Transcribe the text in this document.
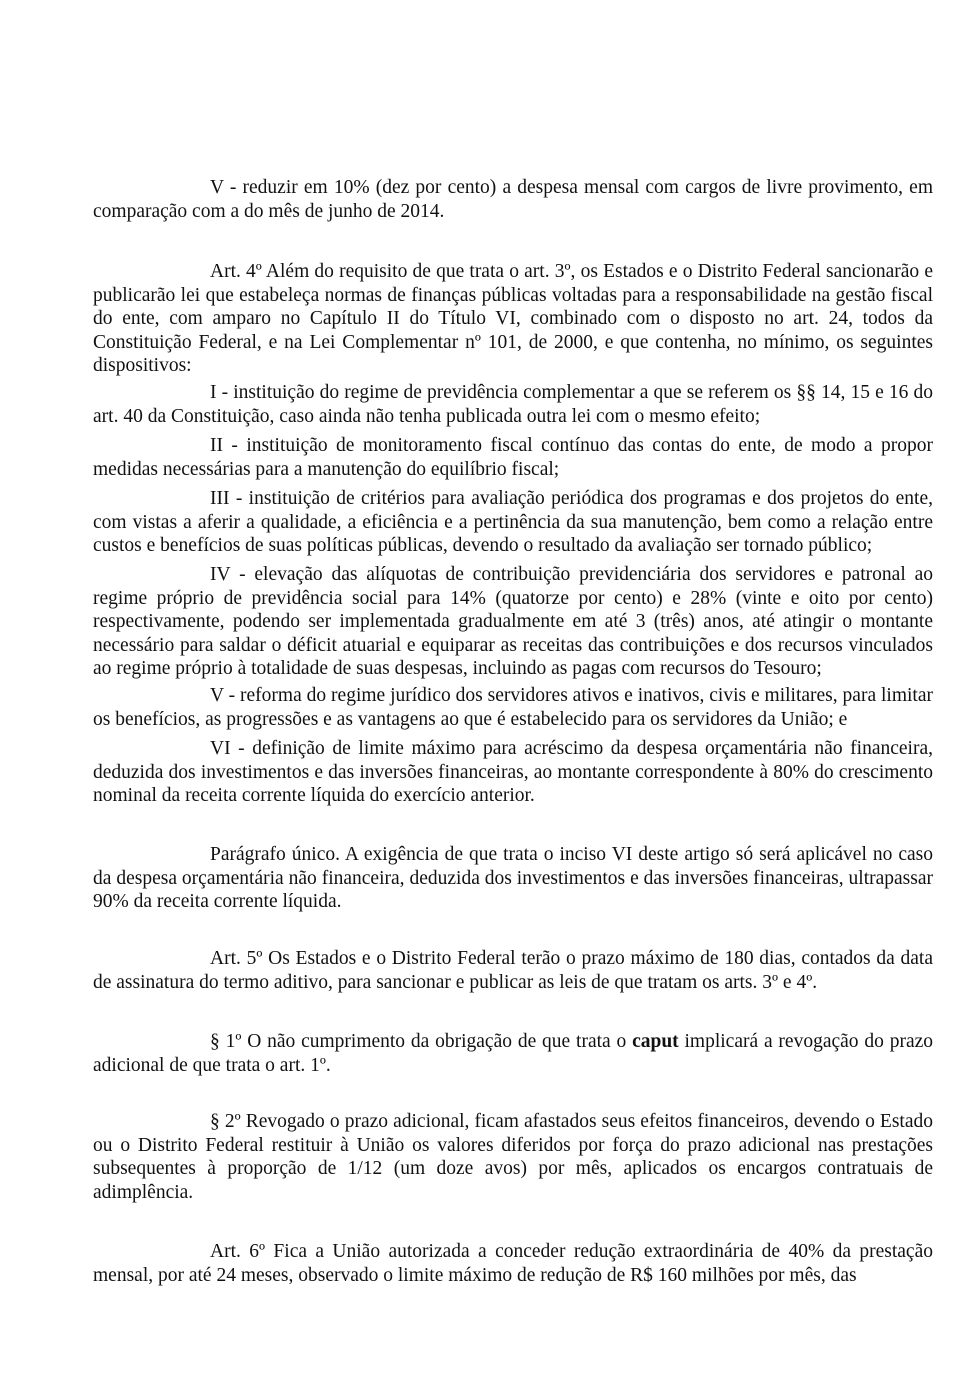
V - reduzir em 10% (dez por cento) a despesa mensal com cargos de livre provimento, em comparação com a do mês de junho de 2014.

Art. 4º Além do requisito de que trata o art. 3º, os Estados e o Distrito Federal sancionarão e publicarão lei que estabeleça normas de finanças públicas voltadas para a responsabilidade na gestão fiscal do ente, com amparo no Capítulo II do Título VI, combinado com o disposto no art. 24, todos da Constituição Federal, e na Lei Complementar nº 101, de 2000, e que contenha, no mínimo, os seguintes dispositivos:

I - instituição do regime de previdência complementar a que se referem os §§ 14, 15 e 16 do art. 40 da Constituição, caso ainda não tenha publicada outra lei com o mesmo efeito;

II - instituição de monitoramento fiscal contínuo das contas do ente, de modo a propor medidas necessárias para a manutenção do equilíbrio fiscal;

III - instituição de critérios para avaliação periódica dos programas e dos projetos do ente, com vistas a aferir a qualidade, a eficiência e a pertinência da sua manutenção, bem como a relação entre custos e benefícios de suas políticas públicas, devendo o resultado da avaliação ser tornado público;

IV - elevação das alíquotas de contribuição previdenciária dos servidores e patronal ao regime próprio de previdência social para 14% (quatorze por cento) e 28% (vinte e oito por cento) respectivamente, podendo ser implementada gradualmente em até 3 (três) anos, até atingir o montante necessário para saldar o déficit atuarial e equiparar as receitas das contribuições e dos recursos vinculados ao regime próprio à totalidade de suas despesas, incluindo as pagas com recursos do Tesouro;

V - reforma do regime jurídico dos servidores ativos e inativos, civis e militares, para limitar os benefícios, as progressões e as vantagens ao que é estabelecido para os servidores da União; e

VI - definição de limite máximo para acréscimo da despesa orçamentária não financeira, deduzida dos investimentos e das inversões financeiras, ao montante correspondente à 80% do crescimento nominal da receita corrente líquida do exercício anterior.

Parágrafo único. A exigência de que trata o inciso VI deste artigo só será aplicável no caso da despesa orçamentária não financeira, deduzida dos investimentos e das inversões financeiras, ultrapassar 90% da receita corrente líquida.

Art. 5º Os Estados e o Distrito Federal terão o prazo máximo de 180 dias, contados da data de assinatura do termo aditivo, para sancionar e publicar as leis de que tratam os arts. 3º e 4º.

§ 1º O não cumprimento da obrigação de que trata o caput implicará a revogação do prazo adicional de que trata o art. 1º.

§ 2º Revogado o prazo adicional, ficam afastados seus efeitos financeiros, devendo o Estado ou o Distrito Federal restituir à União os valores diferidos por força do prazo adicional nas prestações subsequentes à proporção de 1/12 (um doze avos) por mês, aplicados os encargos contratuais de adimplência.

Art. 6º Fica a União autorizada a conceder redução extraordinária de 40% da prestação mensal, por até 24 meses, observado o limite máximo de redução de R$ 160 milhões por mês, das
